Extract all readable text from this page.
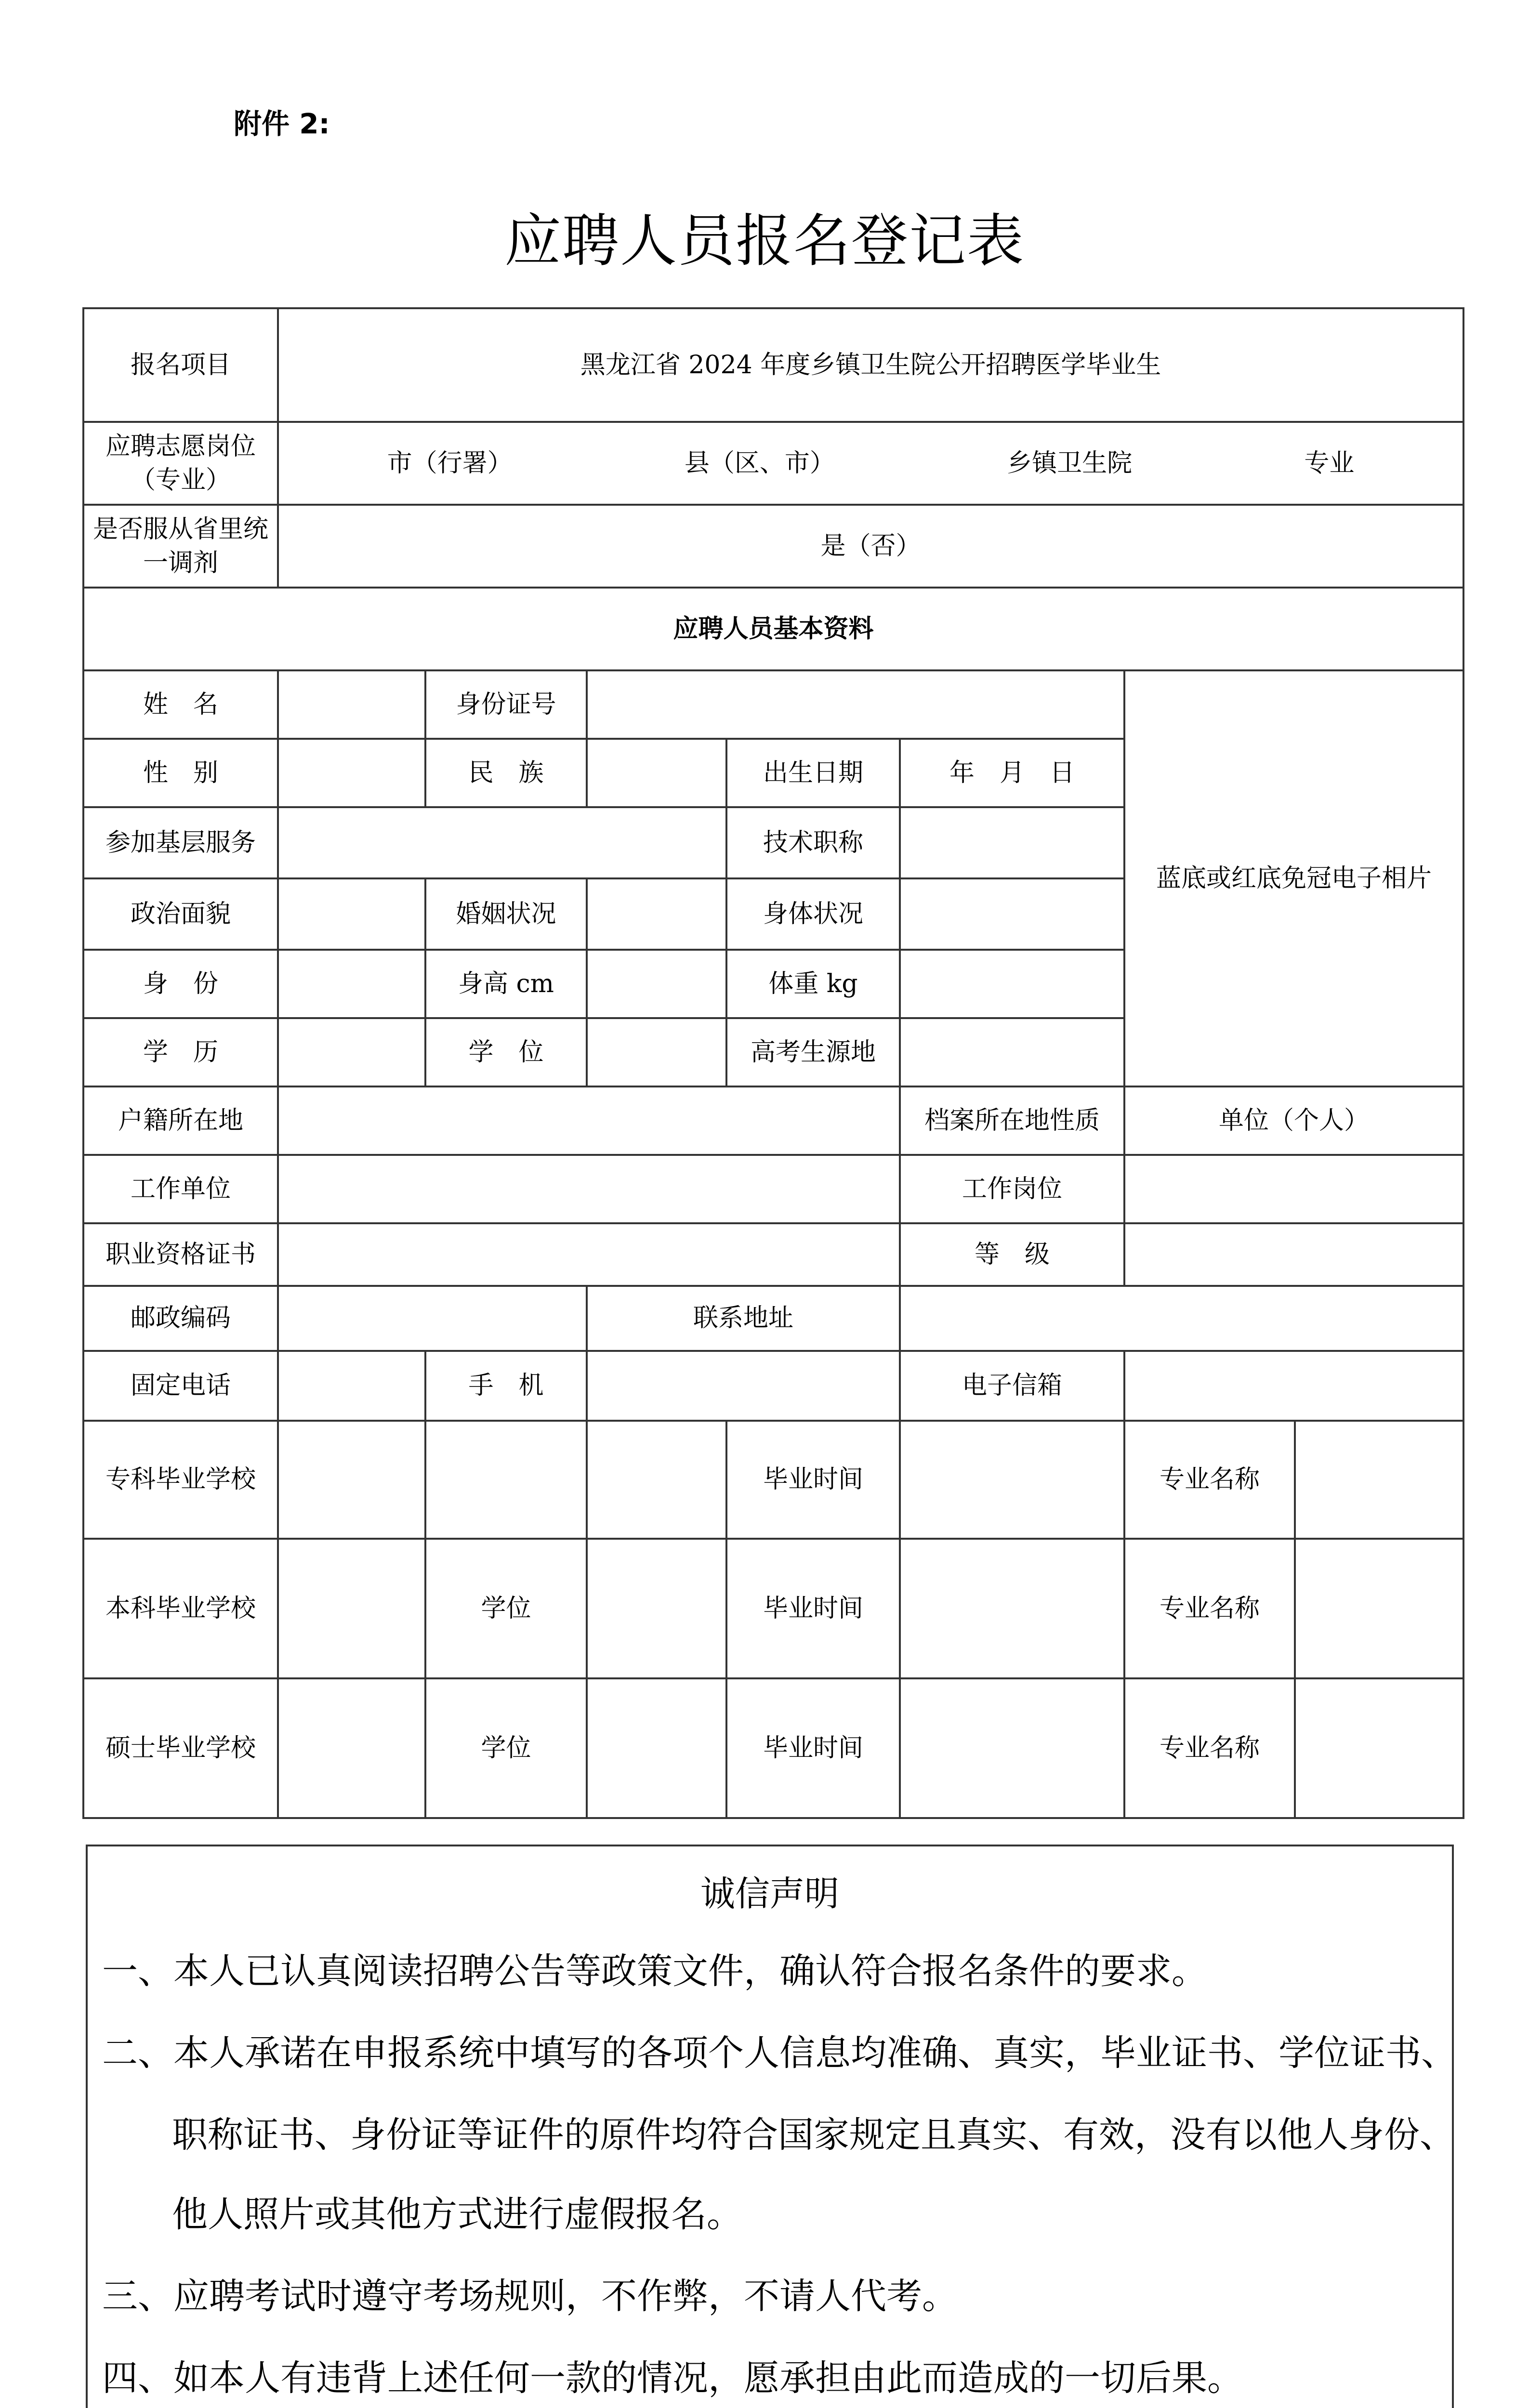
附件 2:
应聘人员报名登记表
报名项目	黑龙江省 2024 年度乡镇卫生院公开招聘医学毕业生						
应聘志愿岗位（专业）	市（行署） 县（区、市） 乡镇卫生院 专业						

是否服从省里统一调剂	是（否）						
应聘人员基本资料							
姓　名		身份证号				蓝底或红底免冠电子相片	
性　别		民　族		出生日期	年　月　日		
参加基层服务				技术职称			
政治面貌		婚姻状况		身体状况			
身　份		身高 cm		体重 kg			
学　历		学　位		高考生源地			
户籍所在地					档案所在地性质	单位（个人）	
工作单位					工作岗位		
职业资格证书					等　级		
邮政编码			联系地址				
固定电话		手　机			电子信箱		
专科毕业学校				毕业时间		专业名称	
本科毕业学校		学位		毕业时间		专业名称	
硕士毕业学校		学位		毕业时间		专业名称	
诚信声明
一、本人已认真阅读招聘公告等政策文件，确认符合报名条件的要求。
二、本人承诺在申报系统中填写的各项个人信息均准确、真实，毕业证书、学位证书、
职称证书、身份证等证件的原件均符合国家规定且真实、有效，没有以他人身份、
他人照片或其他方式进行虚假报名。
三、应聘考试时遵守考场规则，不作弊，不请人代考。
四、如本人有违背上述任何一款的情况，愿承担由此而造成的一切后果。
